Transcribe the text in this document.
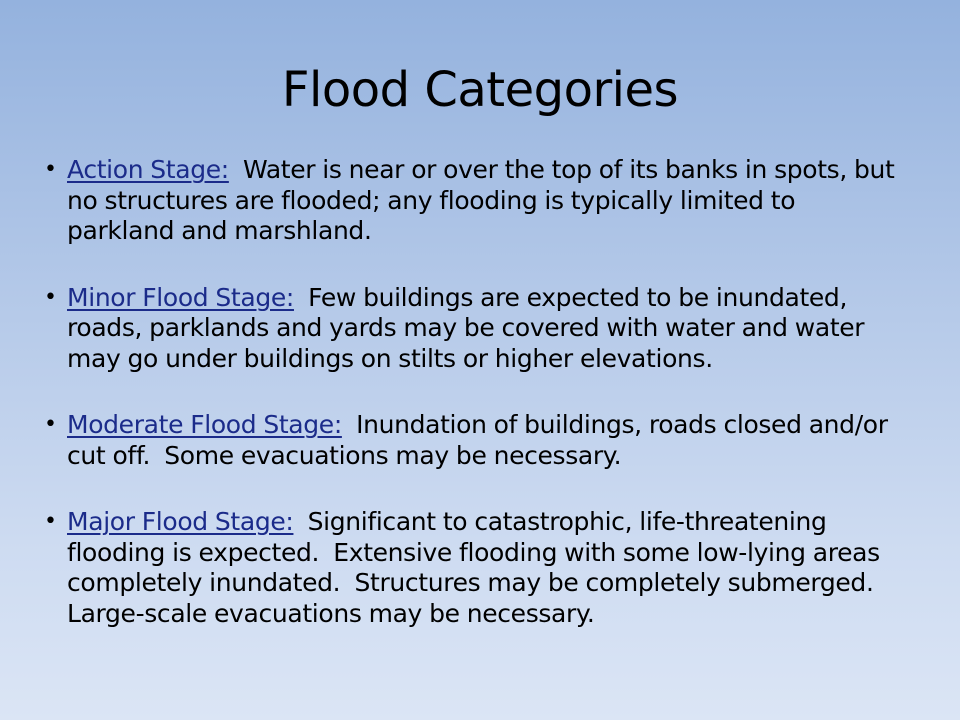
Flood Categories
• Action Stage:  Water is near or over the top of its banks in spots, but no structures are flooded; any flooding is typically limited to parkland and marshland.
• Minor Flood Stage:  Few buildings are expected to be inundated, roads, parklands and yards may be covered with water and water may go under buildings on stilts or higher elevations.
• Moderate Flood Stage:  Inundation of buildings, roads closed and/or cut off.  Some evacuations may be necessary.
• Major Flood Stage:  Significant to catastrophic, life-threatening flooding is expected.  Extensive flooding with some low-lying areas completely inundated.  Structures may be completely submerged.  Large-scale evacuations may be necessary.
